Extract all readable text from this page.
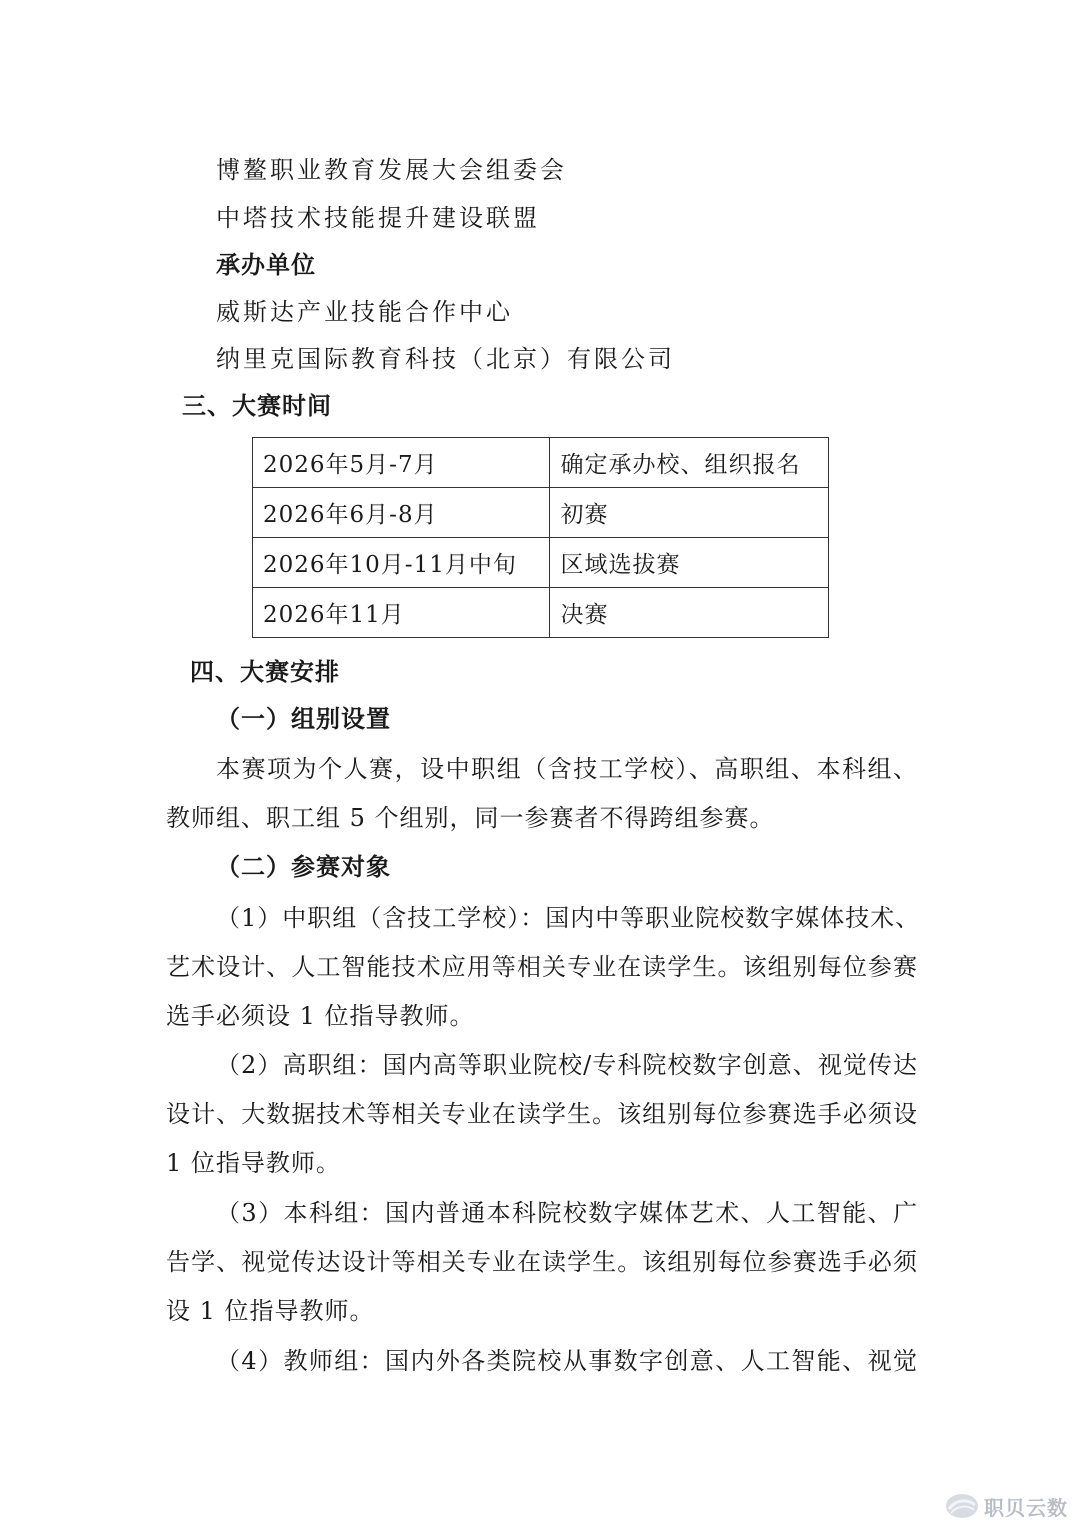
博鳌职业教育发展大会组委会
中塔技术技能提升建设联盟
承办单位
威斯达产业技能合作中心
纳里克国际教育科技（北京）有限公司
三、大赛时间
2026年5月-7月	确定承办校、组织报名
2026年6月-8月	初赛
2026年10月-11月中旬	区域选拔赛
2026年11月	决赛
四、大赛安排
（一）组别设置
本赛项为个人赛，设中职组（含技工学校）、高职组、本科组、
教师组、职工组 5 个组别，同一参赛者不得跨组参赛。
（二）参赛对象
（1）中职组（含技工学校）：国内中等职业院校数字媒体技术、
艺术设计、人工智能技术应用等相关专业在读学生。该组别每位参赛
选手必须设 1 位指导教师。
（2）高职组：国内高等职业院校/专科院校数字创意、视觉传达
设计、大数据技术等相关专业在读学生。该组别每位参赛选手必须设
1 位指导教师。
（3）本科组：国内普通本科院校数字媒体艺术、人工智能、广
告学、视觉传达设计等相关专业在读学生。该组别每位参赛选手必须
设 1 位指导教师。
（4）教师组：国内外各类院校从事数字创意、人工智能、视觉
职贝云数
